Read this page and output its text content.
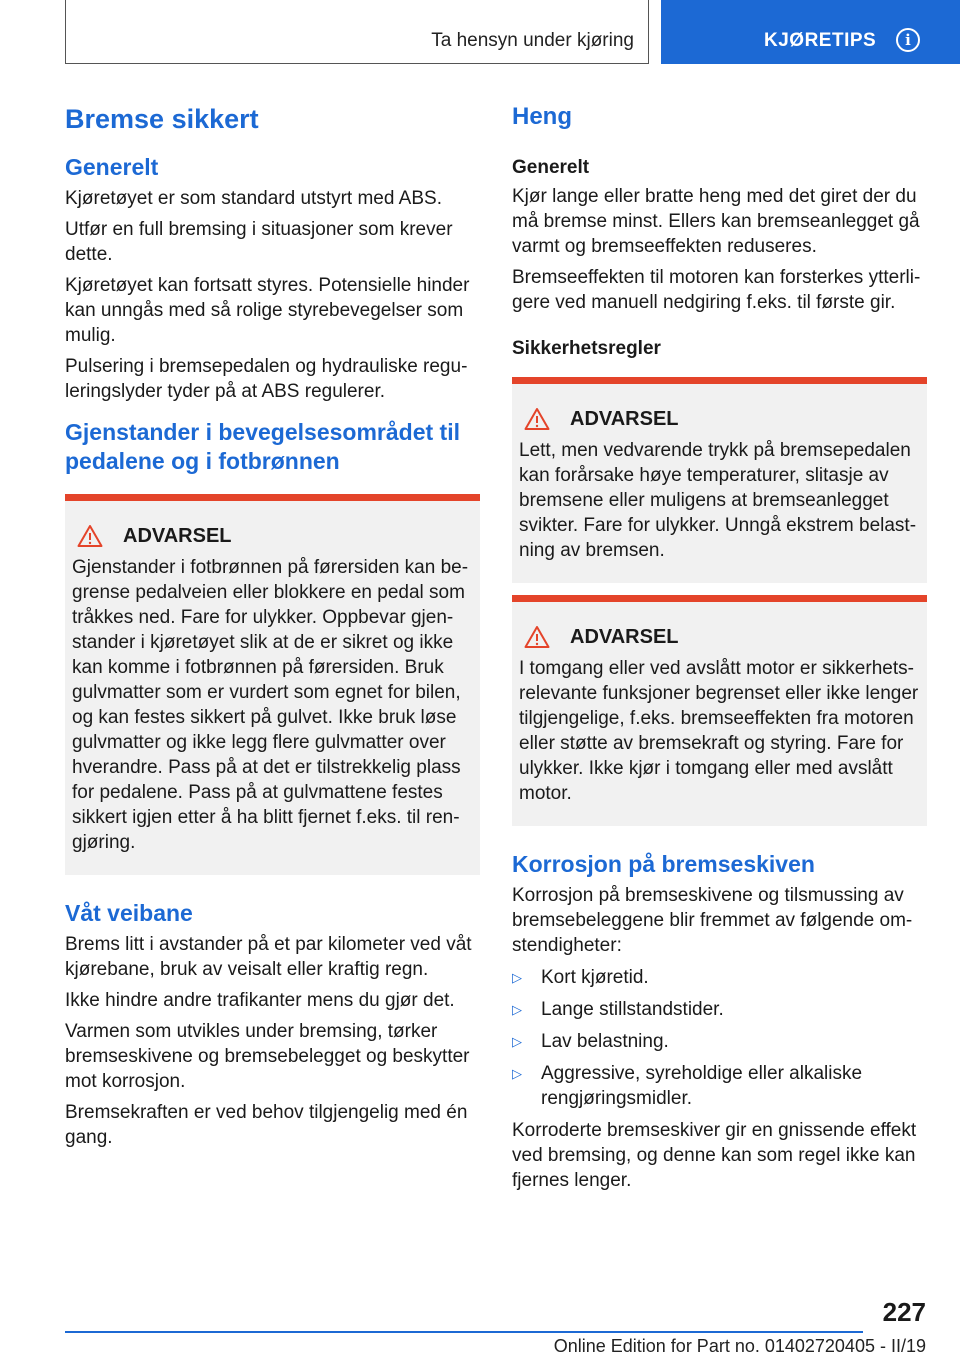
Ta hensyn under kjøring	KJØRETIPS	i
Bremse sikkert
Generelt

Kjøretøyet er som standard utstyrt med ABS.

Utfør en full bremsing i situasjoner som krever dette.

Kjøretøyet kan fortsatt styres. Potensielle hinder kan unngås med så rolige styrebevegelser som mulig.

Pulsering i bremsepedalen og hydrauliske reguleringslyder tyder på at ABS regulerer.

Gjenstander i bevegelsesområdet til pedalene og i fotbrønnen
ADVARSEL

Gjenstander i fotbrønnen på førersiden kan begrense pedalveien eller blokkere en pedal som tråkkes ned. Fare for ulykker. Oppbevar gjenstander i kjøretøyet slik at de er sikret og ikke kan komme i fotbrønnen på førersiden. Bruk gulvmatter som er vurdert som egnet for bilen, og kan festes sikkert på gulvet. Ikke bruk løse gulvmatter og ikke legg flere gulvmatter over hverandre. Pass på at det er tilstrekkelig plass for pedalene. Pass på at gulvmattene festes sikkert igjen etter å ha blitt fjernet f.eks. til rengjøring.

Våt veibane

Brems litt i avstander på et par kilometer ved våt kjørebane, bruk av veisalt eller kraftig regn.

Ikke hindre andre trafikanter mens du gjør det.

Varmen som utvikles under bremsing, tørker bremseskivene og bremsebelegget og beskytter mot korrosjon.

Bremsekraften er ved behov tilgjengelig med én gang.

Heng
Generelt

Kjør lange eller bratte heng med det giret der du må bremse minst. Ellers kan bremseanlegget gå varmt og bremseeffekten reduseres.

Bremseeffekten til motoren kan forsterkes ytterligere ved manuell nedgiring f.eks. til første gir.

Sikkerhetsregler
ADVARSEL

Lett, men vedvarende trykk på bremsepedalen kan forårsake høye temperaturer, slitasje av bremsene eller muligens at bremseanlegget svikter. Fare for ulykker. Unngå ekstrem belastning av bremsen.

ADVARSEL

I tomgang eller ved avslått motor er sikkerhetsrelevante funksjoner begrenset eller ikke lenger tilgjengelige, f.eks. bremseeffekten fra motoren eller støtte av bremsekraft og styring. Fare for ulykker. Ikke kjør i tomgang eller med avslått motor.

Korrosjon på bremseskiven

Korrosjon på bremseskivene og tilsmussing av bremsebeleggene blir fremmet av følgende omstendigheter:

▷ Kort kjøretid.
▷ Lange stillstandstider.
▷ Lav belastning.
▷ Aggressive, syreholdige eller alkaliske rengjøringsmidler.

Korroderte bremseskiver gir en gnissende effekt ved bremsing, og denne kan som regel ikke kan fjernes lenger.

227
Online Edition for Part no. 01402720405 - II/19
